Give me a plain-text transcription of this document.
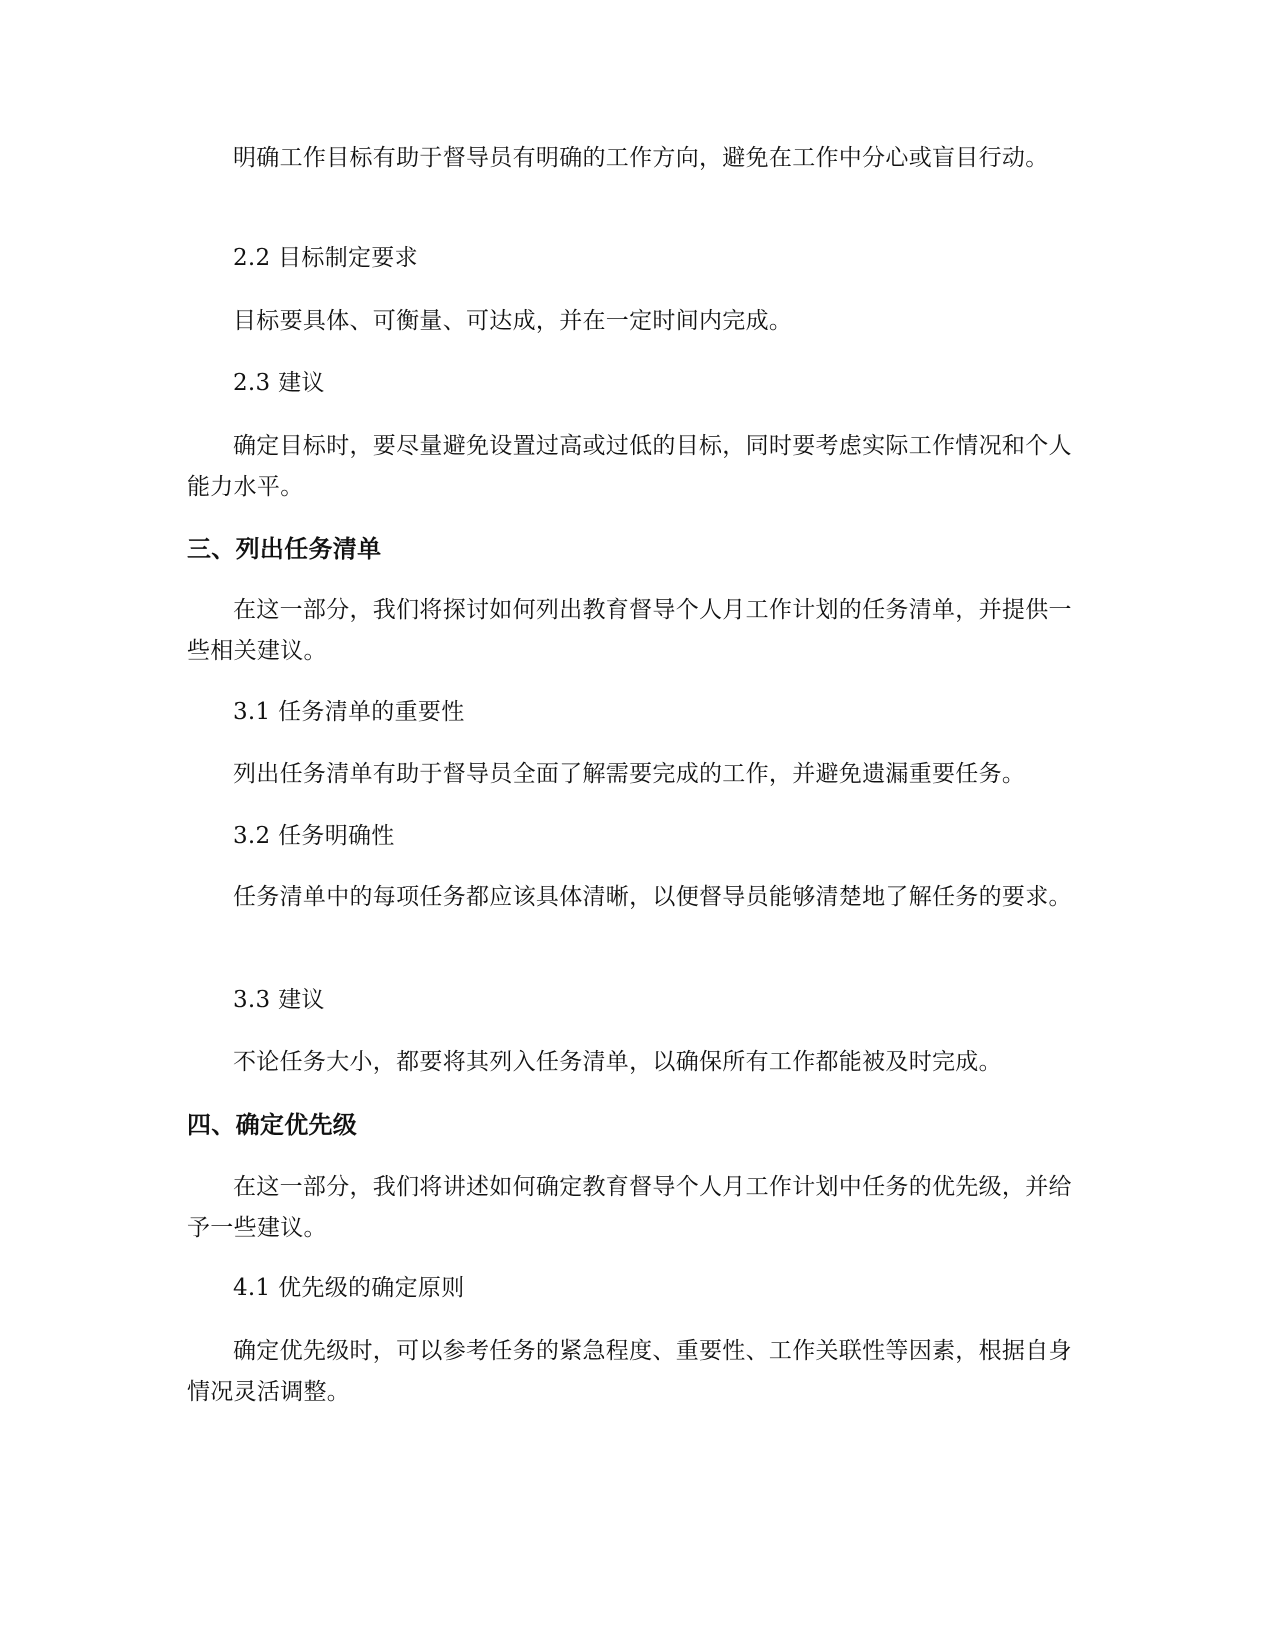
明确工作目标有助于督导员有明确的工作方向，避免在工作中分心或盲目行动。

2.2 目标制定要求

目标要具体、可衡量、可达成，并在一定时间内完成。

2.3 建议

确定目标时，要尽量避免设置过高或过低的目标，同时要考虑实际工作情况和个人能力水平。

三、列出任务清单

在这一部分，我们将探讨如何列出教育督导个人月工作计划的任务清单，并提供一些相关建议。

3.1 任务清单的重要性

列出任务清单有助于督导员全面了解需要完成的工作，并避免遗漏重要任务。

3.2 任务明确性

任务清单中的每项任务都应该具体清晰，以便督导员能够清楚地了解任务的要求。

3.3 建议

不论任务大小，都要将其列入任务清单，以确保所有工作都能被及时完成。

四、确定优先级

在这一部分，我们将讲述如何确定教育督导个人月工作计划中任务的优先级，并给予一些建议。

4.1 优先级的确定原则

确定优先级时，可以参考任务的紧急程度、重要性、工作关联性等因素，根据自身情况灵活调整。
